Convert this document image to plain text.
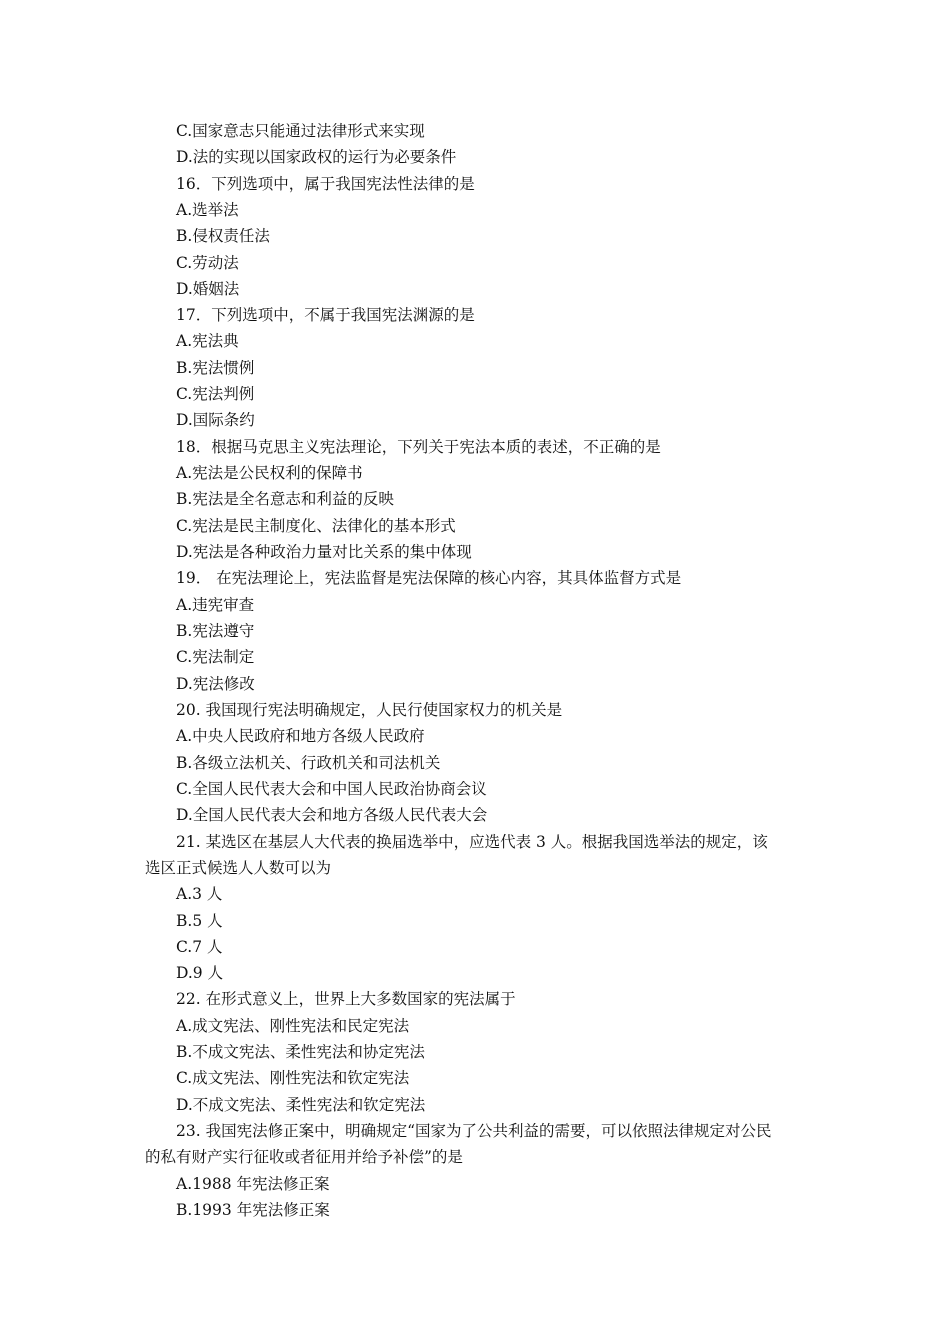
C.国家意志只能通过法律形式来实现
D.法的实现以国家政权的运行为必要条件
16．下列选项中，属于我国宪法性法律的是
A.选举法
B.侵权责任法
C.劳动法
D.婚姻法
17．下列选项中，不属于我国宪法渊源的是
A.宪法典
B.宪法惯例
C.宪法判例
D.国际条约
18．根据马克思主义宪法理论，下列关于宪法本质的表述，不正确的是
A.宪法是公民权利的保障书
B.宪法是全名意志和利益的反映
C.宪法是民主制度化、法律化的基本形式
D.宪法是各种政治力量对比关系的集中体现
19． 在宪法理论上，宪法监督是宪法保障的核心内容，其具体监督方式是
A.违宪审查
B.宪法遵守
C.宪法制定
D.宪法修改
20. 我国现行宪法明确规定，人民行使国家权力的机关是
A.中央人民政府和地方各级人民政府
B.各级立法机关、行政机关和司法机关
C.全国人民代表大会和中国人民政治协商会议
D.全国人民代表大会和地方各级人民代表大会
21. 某选区在基层人大代表的换届选举中，应选代表 3 人。根据我国选举法的规定，该
选区正式候选人人数可以为
A.3 人
B.5 人
C.7 人
D.9 人
22. 在形式意义上，世界上大多数国家的宪法属于
A.成文宪法、刚性宪法和民定宪法
B.不成文宪法、柔性宪法和协定宪法
C.成文宪法、刚性宪法和钦定宪法
D.不成文宪法、柔性宪法和钦定宪法
23. 我国宪法修正案中，明确规定“国家为了公共利益的需要，可以依照法律规定对公民
的私有财产实行征收或者征用并给予补偿”的是
A.1988 年宪法修正案
B.1993 年宪法修正案
